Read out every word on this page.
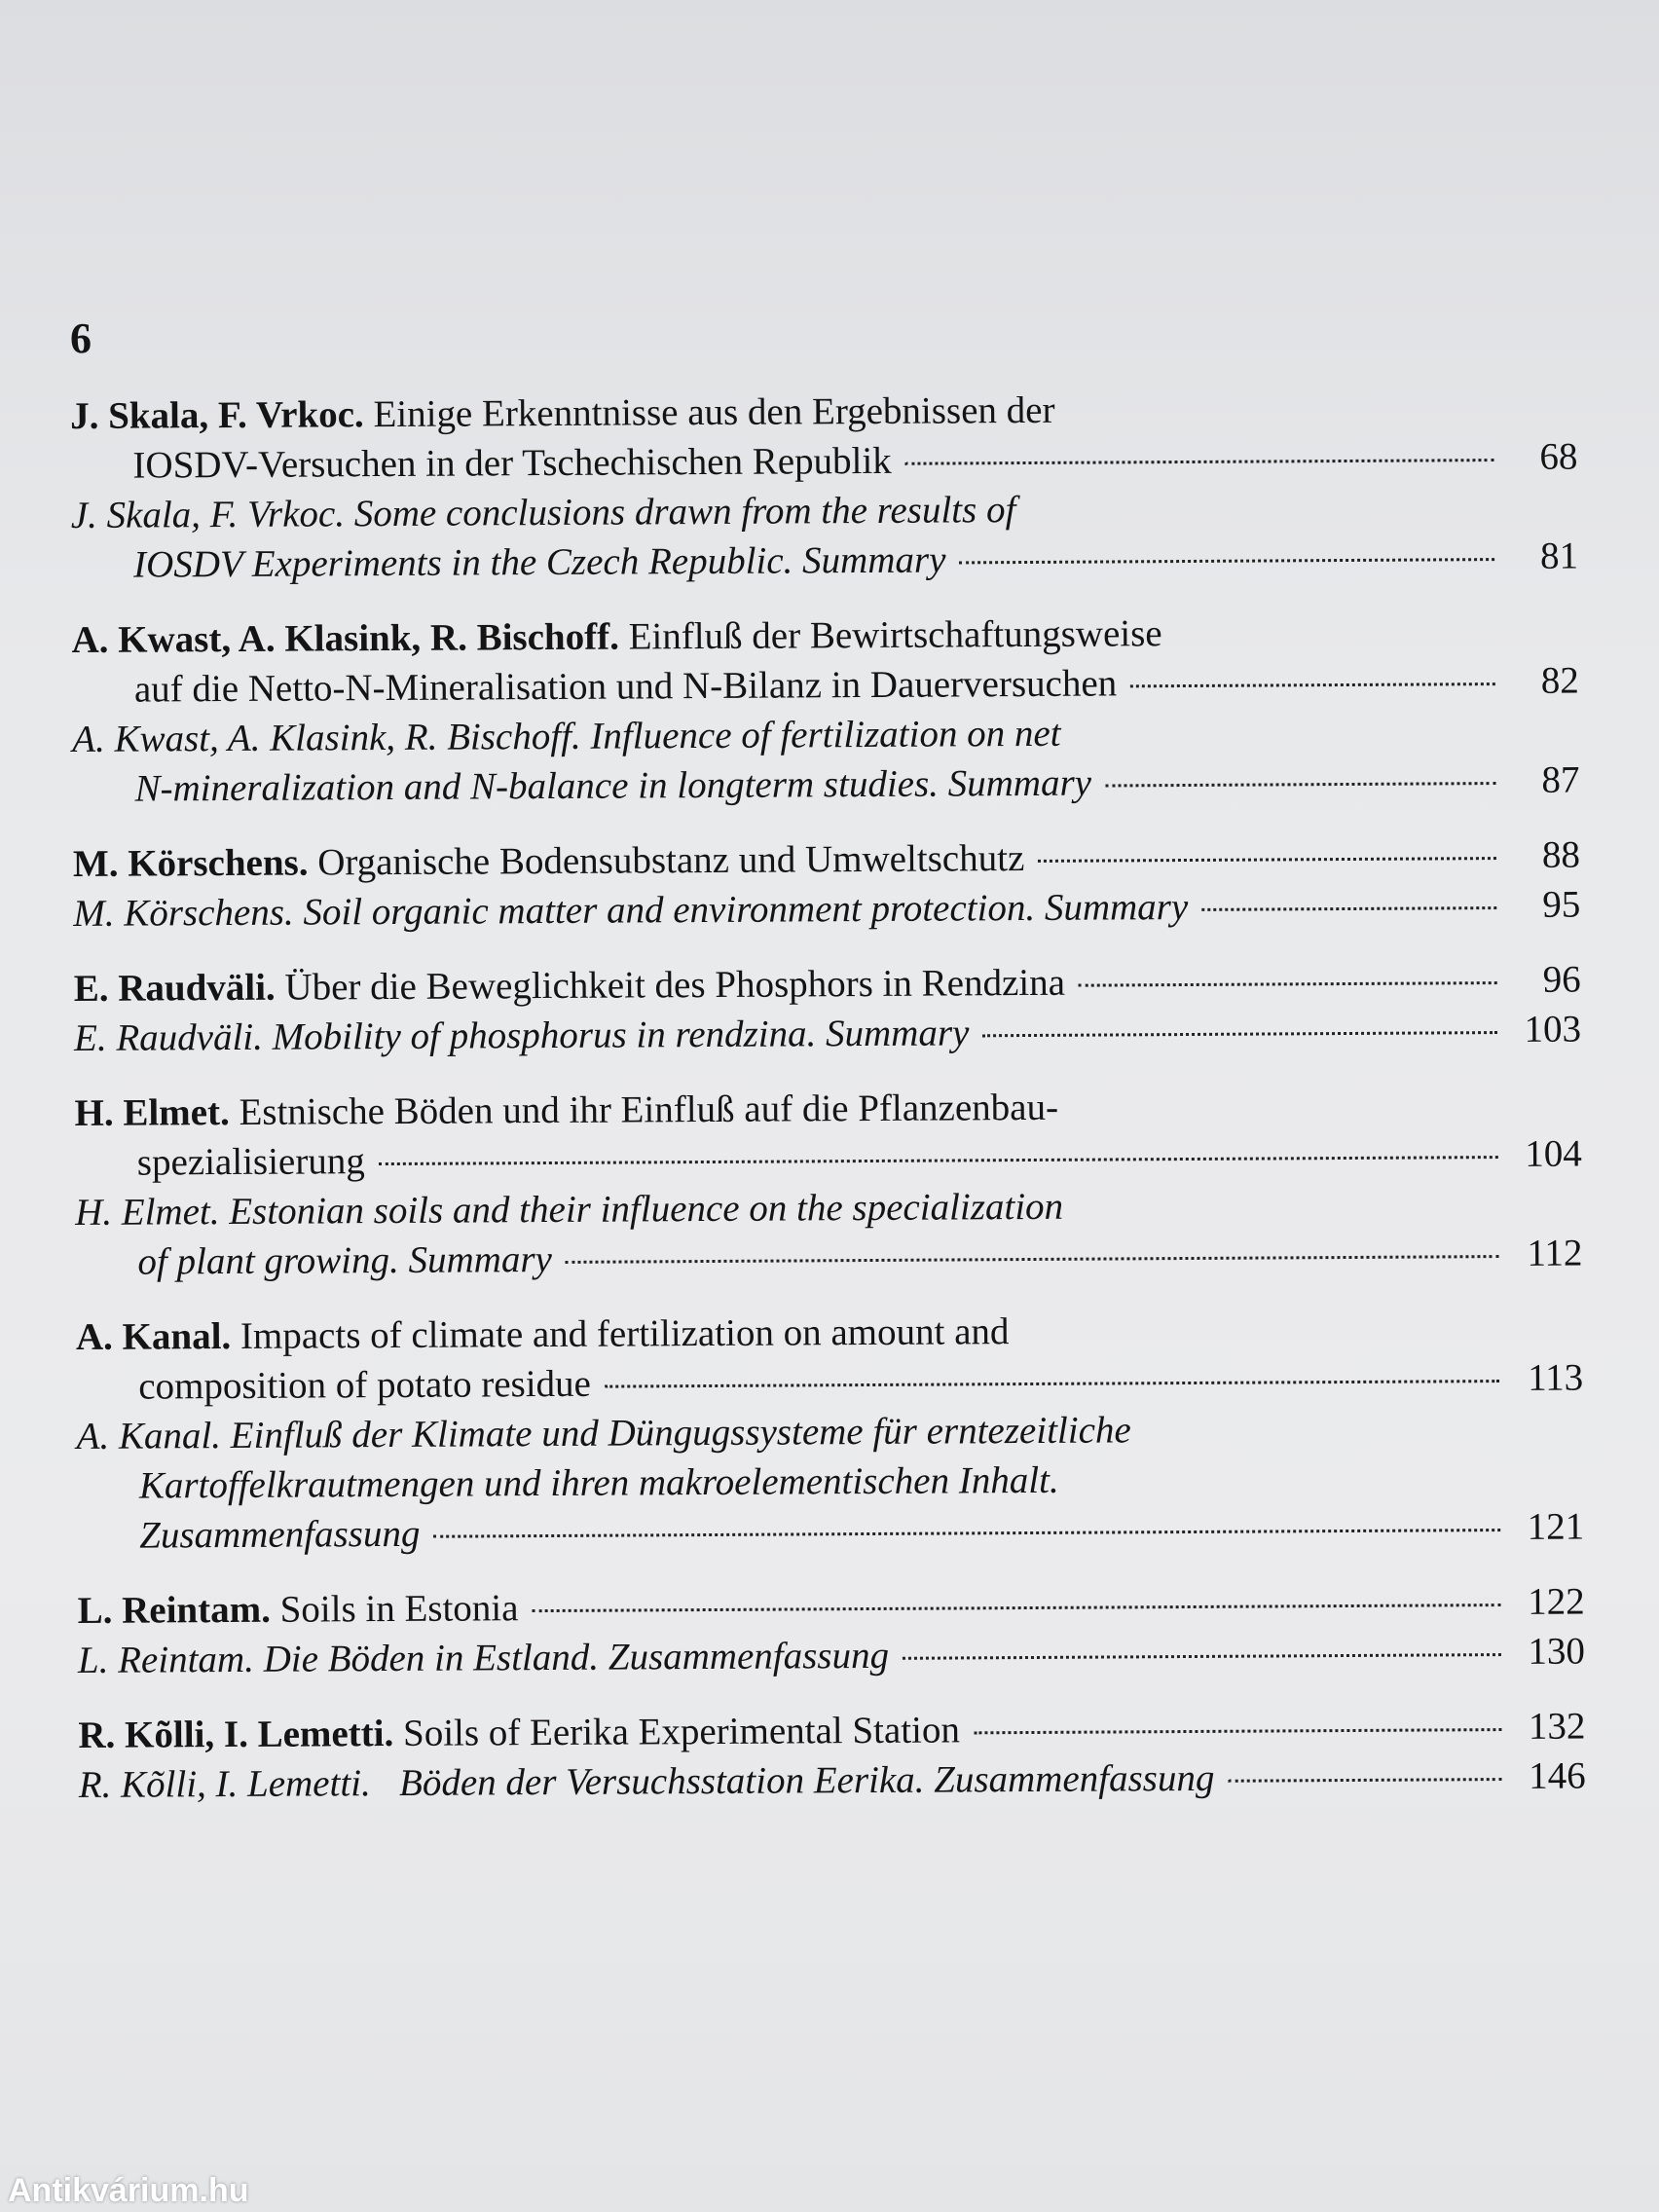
6
J. Skala, F. Vrkoc. Einige Erkenntnisse aus den Ergebnissen der
IOSDV-Versuchen in der Tschechischen Republik	68
J. Skala, F. Vrkoc. Some conclusions drawn from the results of
IOSDV Experiments in the Czech Republic. Summary	81
A. Kwast, A. Klasink, R. Bischoff. Einfluß der Bewirtschaftungsweise
auf die Netto-N-Mineralisation und N-Bilanz in Dauerversuchen	82
A. Kwast, A. Klasink, R. Bischoff. Influence of fertilization on net
N-mineralization and N-balance in longterm studies. Summary	87
M. Körschens. Organische Bodensubstanz und Umweltschutz	88
M. Körschens. Soil organic matter and environment protection. Summary	95
E. Raudväli. Über die Beweglichkeit des Phosphors in Rendzina	96
E. Raudväli. Mobility of phosphorus in rendzina. Summary	103
H. Elmet. Estnische Böden und ihr Einfluß auf die Pflanzenbau-
spezialisierung	104
H. Elmet. Estonian soils and their influence on the specialization
of plant growing. Summary	112
A. Kanal. Impacts of climate and fertilization on amount and
composition of potato residue	113
A. Kanal. Einfluß der Klimate und Düngugssysteme für erntezeitliche
Kartoffelkrautmengen und ihren makroelementischen Inhalt.
Zusammenfassung	121
L. Reintam. Soils in Estonia	122
L. Reintam. Die Böden in Estland. Zusammenfassung	130
R. Kõlli, I. Lemetti. Soils of Eerika Experimental Station	132
R. Kõlli, I. Lemetti.   Böden der Versuchsstation Eerika. Zusammenfassung	146
Antikvárium.hu
